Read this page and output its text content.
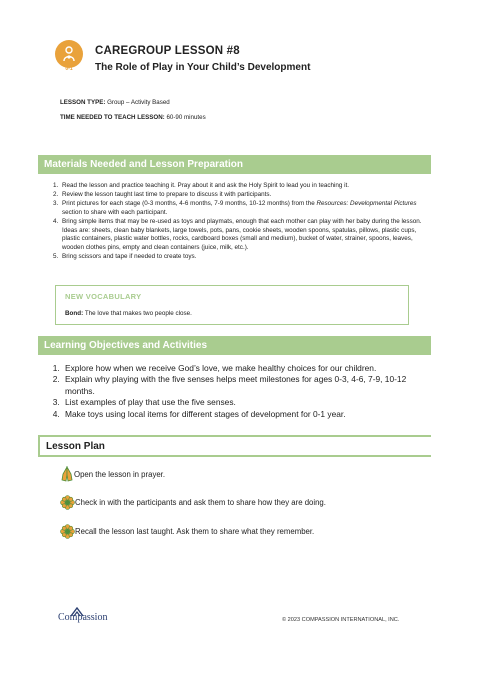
0-1
CAREGROUP LESSON #8
The Role of Play in Your Child’s Development
LESSON TYPE: Group – Activity Based
TIME NEEDED TO TEACH LESSON: 60-90 minutes
Materials Needed and Lesson Preparation
1. Read the lesson and practice teaching it. Pray about it and ask the Holy Spirit to lead you in teaching it.
2. Review the lesson taught last time to prepare to discuss it with participants.
3. Print pictures for each stage (0-3 months, 4-6 months, 7-9 months, 10-12 months) from the Resources: Developmental Pictures section to share with each participant.
4. Bring simple items that may be re-used as toys and playmats, enough that each mother can play with her baby during the lesson. Ideas are: sheets, clean baby blankets, large towels, pots, pans, cookie sheets, wooden spoons, spatulas, pillows, plastic cups, plastic containers, plastic water bottles, rocks, cardboard boxes (small and medium), bucket of water, strainer, spoons, leaves, wooden clothes pins, empty and clean containers (juice, milk, etc.).
5. Bring scissors and tape if needed to create toys.
NEW VOCABULARY
Bond: The love that makes two people close.
Learning Objectives and Activities
1. Explore how when we receive God’s love, we make healthy choices for our children.
2. Explain why playing with the five senses helps meet milestones for ages 0-3, 4-6, 7-9, 10-12 months.
3. List examples of play that use the five senses.
4. Make toys using local items for different stages of development for 0-1 year.
Lesson Plan
Open the lesson in prayer.
Check in with the participants and ask them to share how they are doing.
Recall the lesson last taught. Ask them to share what they remember.
Compassion	© 2023 COMPASSION INTERNATIONAL, INC.
